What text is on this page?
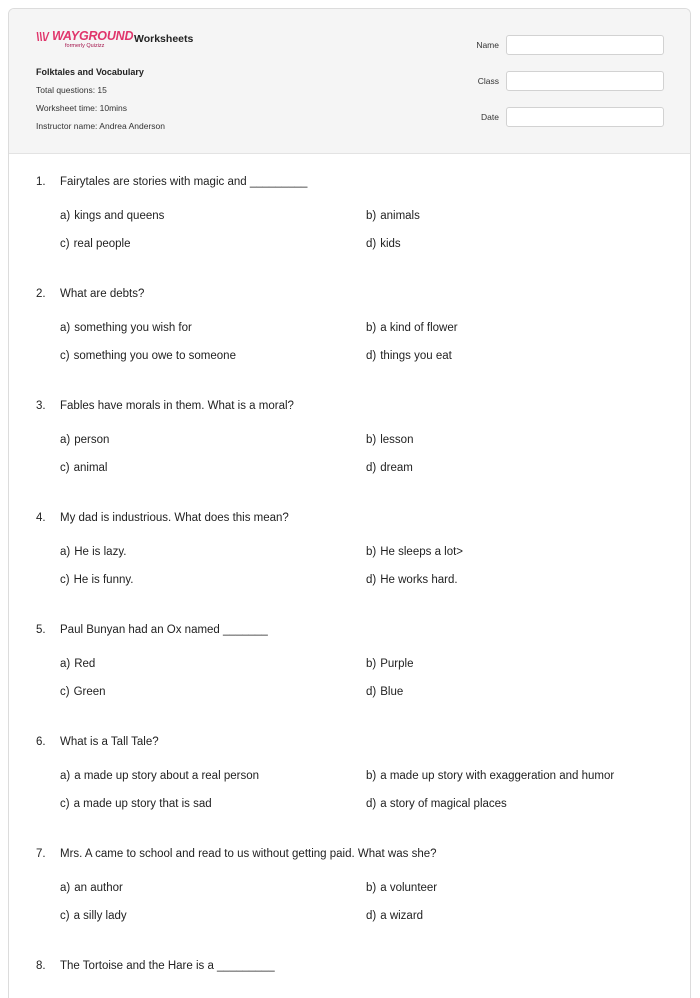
\\\/ WAYGROUND
formerly Quizizz
Worksheets
Folktales and Vocabulary
Total questions: 15
Worksheet time: 10mins
Instructor name: Andrea Anderson
Name
Class
Date
1. Fairytales are stories with magic and _________
a) kings and queens	b) animals
c) real people	d) kids
2. What are debts?
a) something you wish for	b) a kind of flower
c) something you owe to someone	d) things you eat
3. Fables have morals in them. What is a moral?
a) person	b) lesson
c) animal	d) dream
4. My dad is industrious. What does this mean?
a) He is lazy.	b) He sleeps a lot>
c) He is funny.	d) He works hard.
5. Paul Bunyan had an Ox named _______
a) Red	b) Purple
c) Green	d) Blue
6. What is a Tall Tale?
a) a made up story about a real person	b) a made up story with exaggeration and humor
c) a made up story that is sad	d) a story of magical places
7. Mrs. A came to school and read to us without getting paid. What was she?
a) an author	b) a volunteer
c) a silly lady	d) a wizard
8. The Tortoise and the Hare is a _________
